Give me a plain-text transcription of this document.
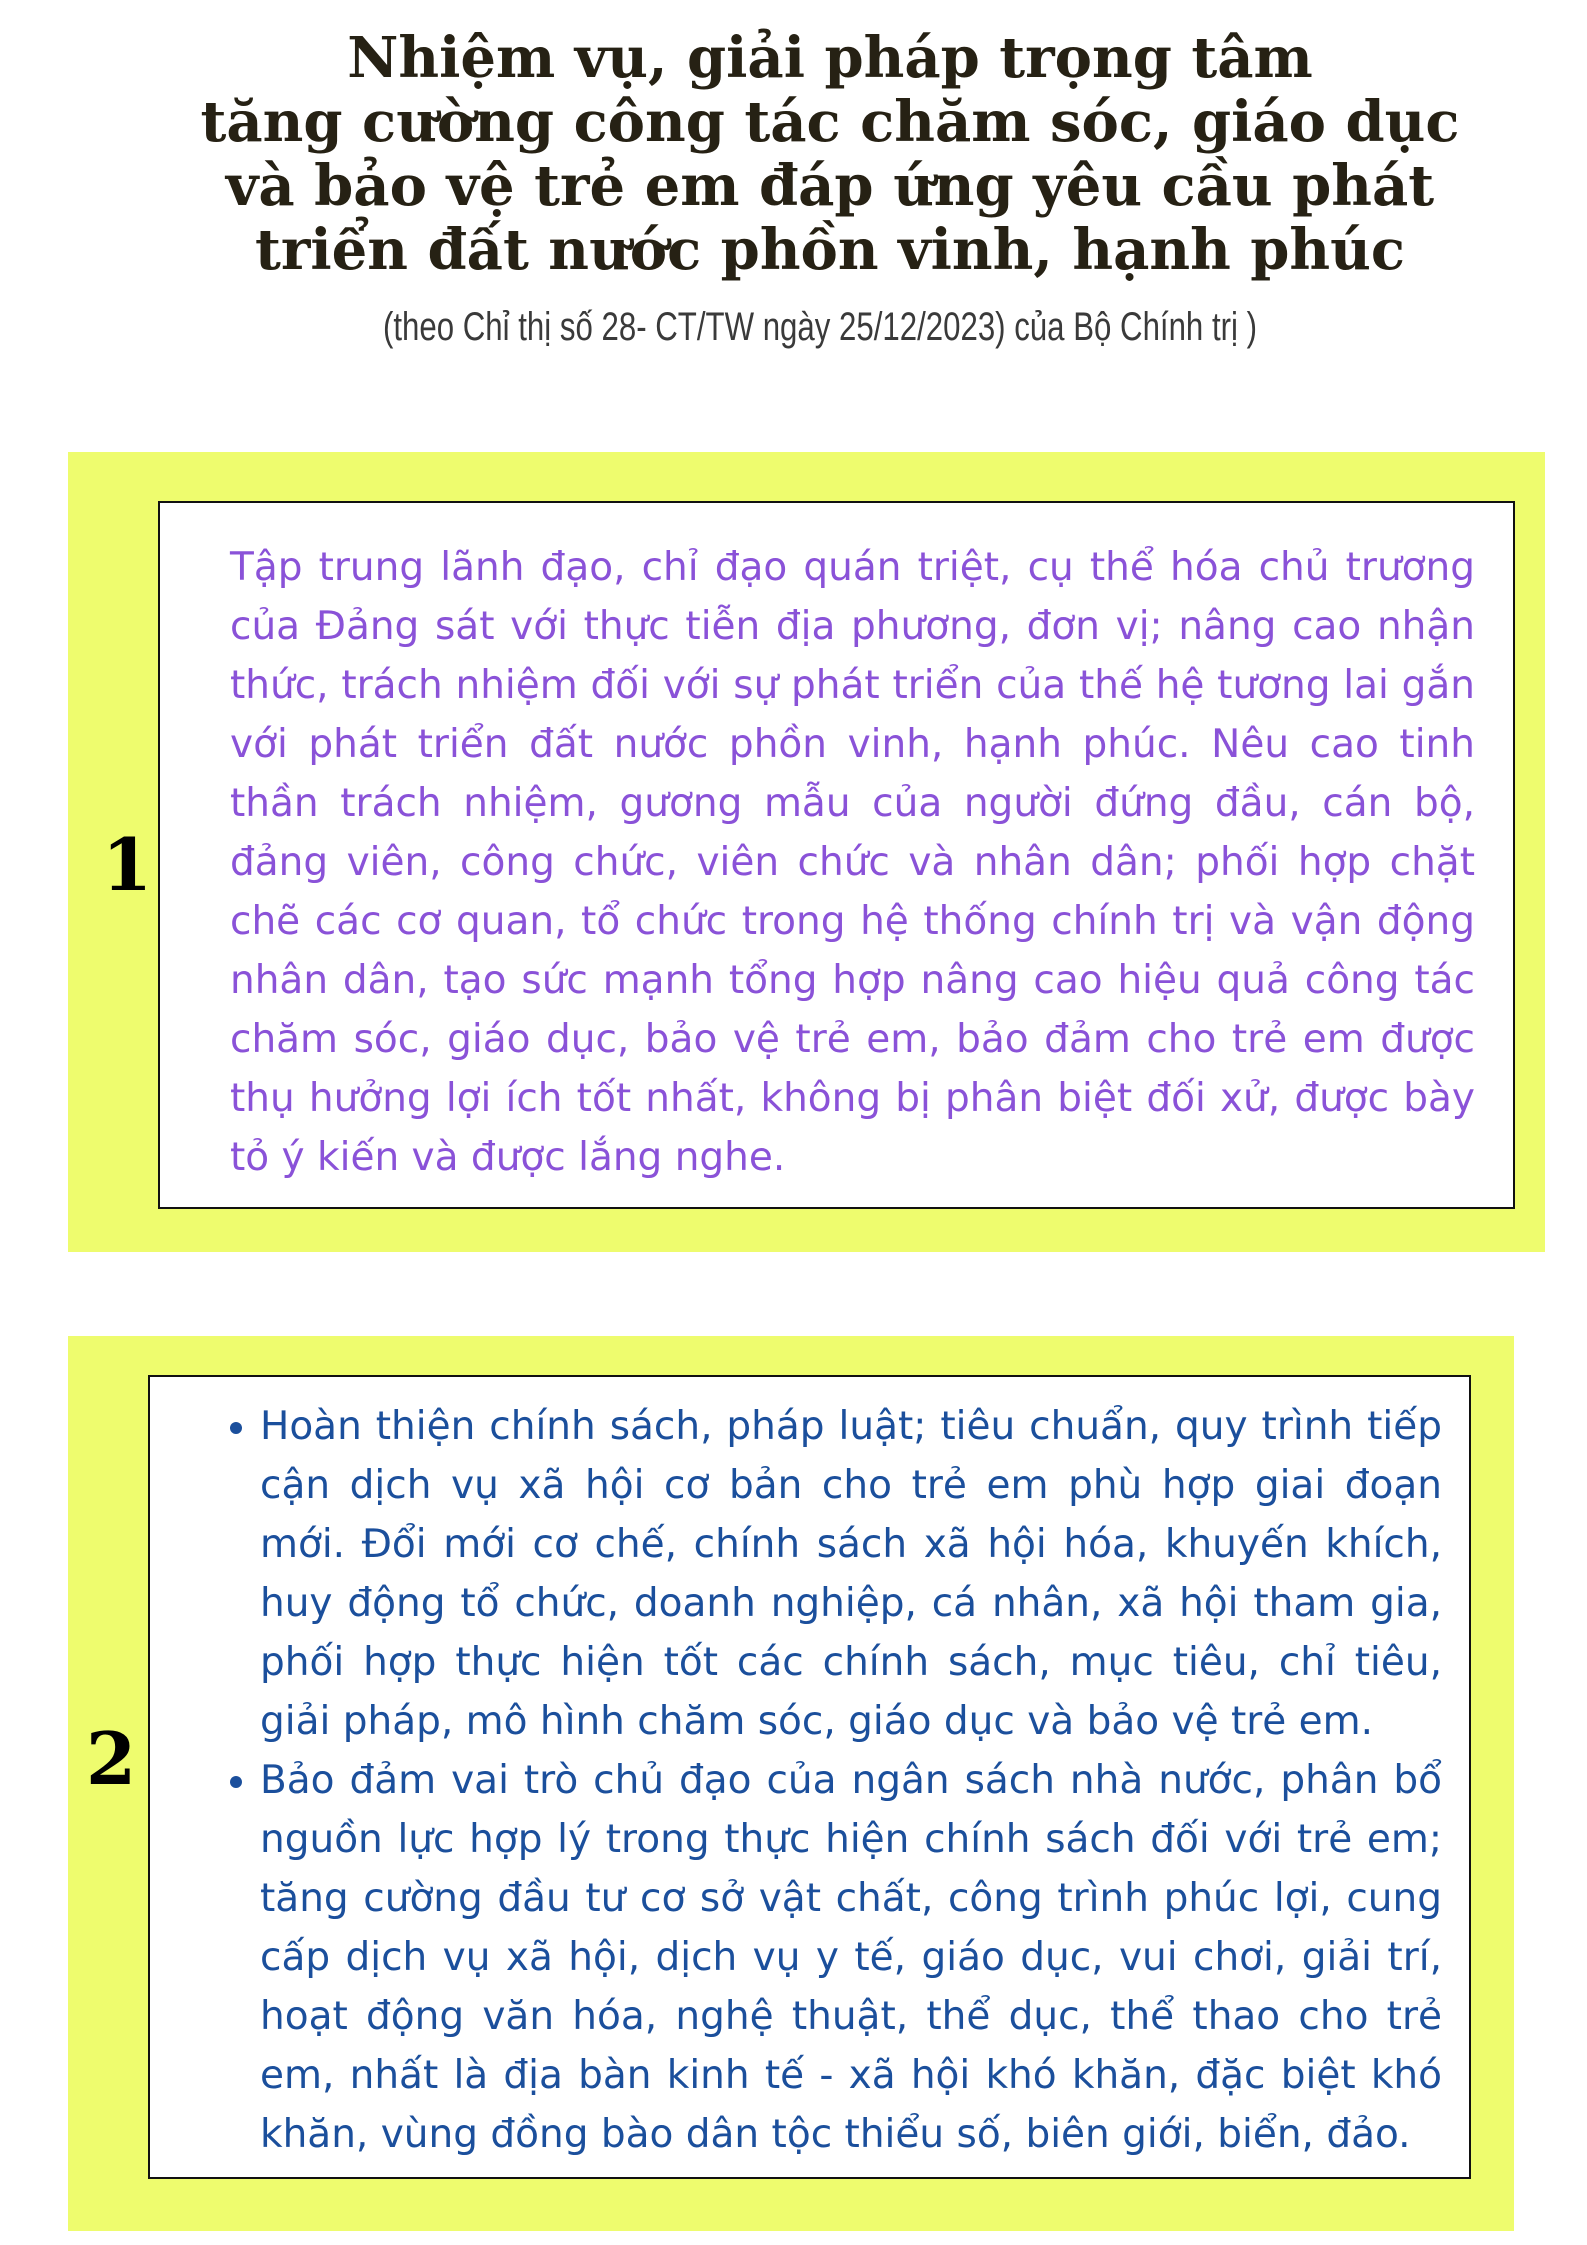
Nhiệm vụ, giải pháp trọng tâm
tăng cường công tác chăm sóc, giáo dục
và bảo vệ trẻ em đáp ứng yêu cầu phát
triển đất nước phồn vinh, hạnh phúc
(theo Chỉ thị số 28- CT/TW ngày 25/12/2023) của Bộ Chính trị )
1

Tập trung lãnh đạo, chỉ đạo quán triệt, cụ thể hóa chủ trương của Đảng sát với thực tiễn địa phương, đơn vị; nâng cao nhận thức, trách nhiệm đối với sự phát triển của thế hệ tương lai gắn với phát triển đất nước phồn vinh, hạnh phúc. Nêu cao tinh thần trách nhiệm, gương mẫu của người đứng đầu, cán bộ, đảng viên, công chức, viên chức và nhân dân; phối hợp chặt chẽ các cơ quan, tổ chức trong hệ thống chính trị và vận động nhân dân, tạo sức mạnh tổng hợp nâng cao hiệu quả công tác chăm sóc, giáo dục, bảo vệ trẻ em, bảo đảm cho trẻ em được thụ hưởng lợi ích tốt nhất, không bị phân biệt đối xử, được bày tỏ ý kiến và được lắng nghe.

2
• Hoàn thiện chính sách, pháp luật; tiêu chuẩn, quy trình tiếp cận dịch vụ xã hội cơ bản cho trẻ em phù hợp giai đoạn mới. Đổi mới cơ chế, chính sách xã hội hóa, khuyến khích, huy động tổ chức, doanh nghiệp, cá nhân, xã hội tham gia, phối hợp thực hiện tốt các chính sách, mục tiêu, chỉ tiêu, giải pháp, mô hình chăm sóc, giáo dục và bảo vệ trẻ em.
• Bảo đảm vai trò chủ đạo của ngân sách nhà nước, phân bổ nguồn lực hợp lý trong thực hiện chính sách đối với trẻ em; tăng cường đầu tư cơ sở vật chất, công trình phúc lợi, cung cấp dịch vụ xã hội, dịch vụ y tế, giáo dục, vui chơi, giải trí, hoạt động văn hóa, nghệ thuật, thể dục, thể thao cho trẻ em, nhất là địa bàn kinh tế - xã hội khó khăn, đặc biệt khó khăn, vùng đồng bào dân tộc thiểu số, biên giới, biển, đảo.
